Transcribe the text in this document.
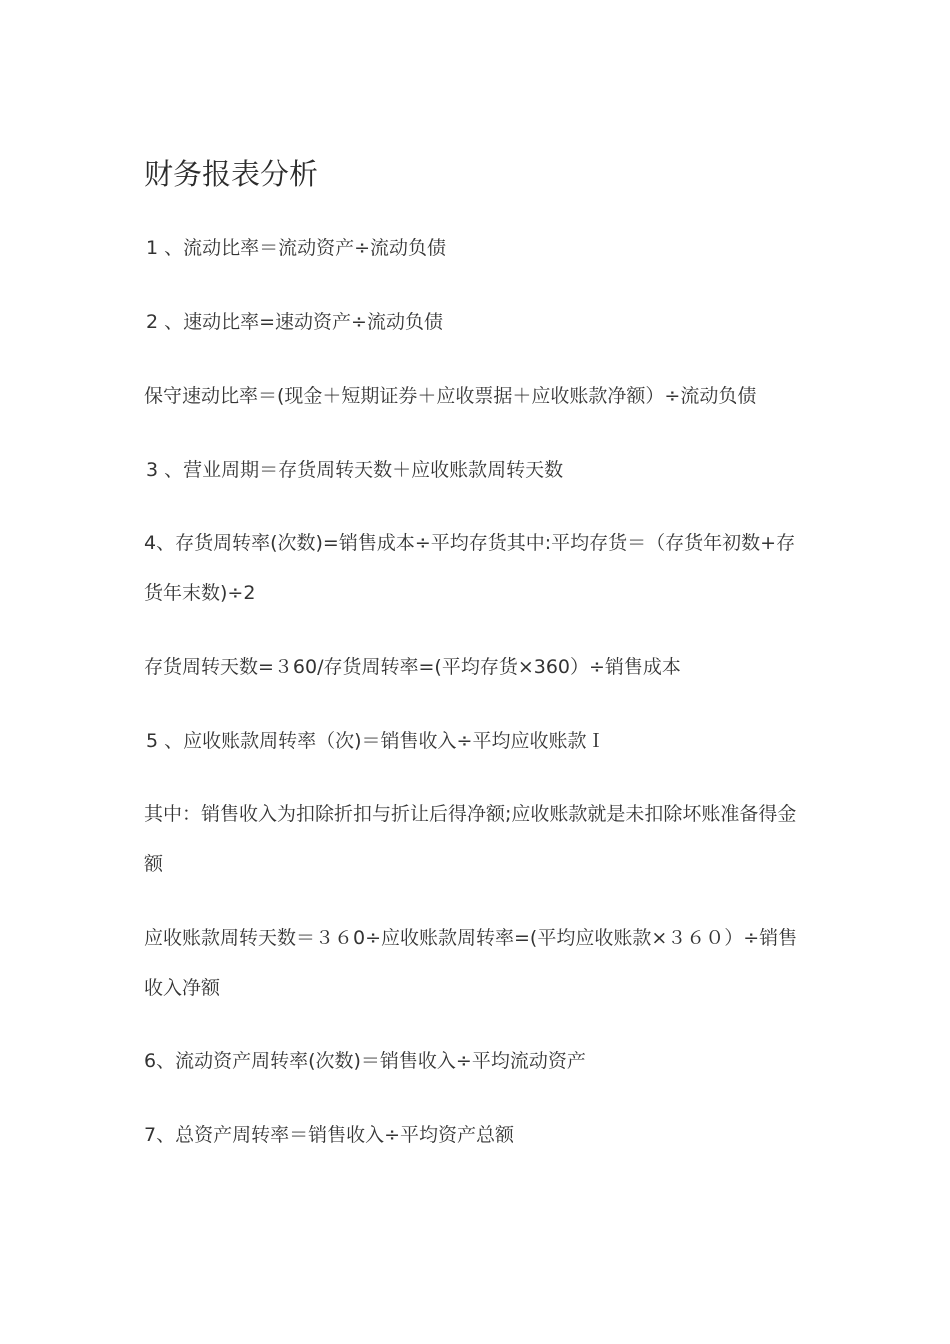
财务报表分析
1 、流动比率＝流动资产÷流动负债
2 、速动比率=速动资产÷流动负债
保守速动比率＝(现金＋短期证券＋应收票据＋应收账款净额）÷流动负债
3 、营业周期＝存货周转天数＋应收账款周转天数
4、存货周转率(次数)=销售成本÷平均存货其中:平均存货＝（存货年初数+存
货年末数)÷2
存货周转天数=３60/存货周转率=(平均存货×360）÷销售成本
5 、应收账款周转率（次)＝销售收入÷平均应收账款Ｉ
其中：销售收入为扣除折扣与折让后得净额;应收账款就是未扣除坏账准备得金
额
应收账款周转天数＝３６0÷应收账款周转率=(平均应收账款×３６０）÷销售
收入净额
6、流动资产周转率(次数)＝销售收入÷平均流动资产
7、总资产周转率＝销售收入÷平均资产总额
